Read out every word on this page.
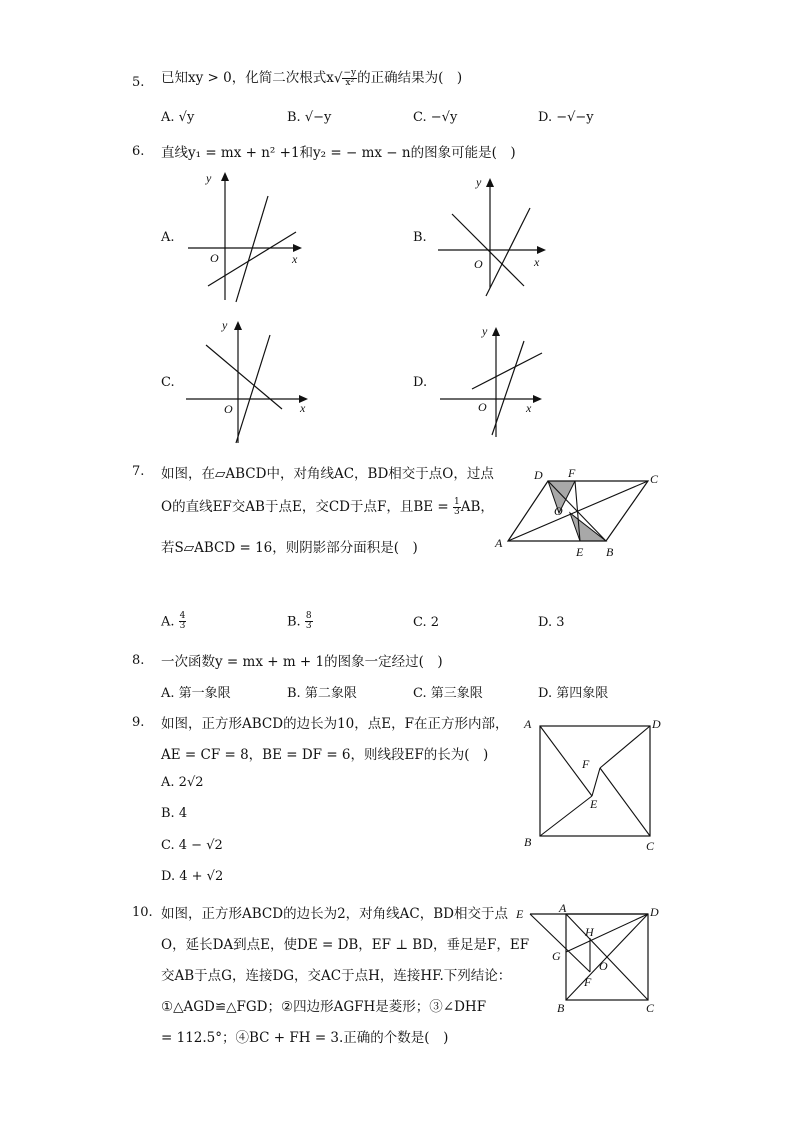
5. 已知xy > 0，化简二次根式$x√ \frac{-y}{\text{x²}}$ 的正确结果为(　)
A. √y	B. √−y	C. −√y	D. −√−y
6. 直线y₁ = mx + n² +1和y₂ = − mx − n的图象可能是(　)
A.
y
x
O
B.
y
x
O
C.
y
x
O
D.
y
x
O
7. 如图，在▱ABCD中，对角线AC，BD相交于点O，过点
O的直线EF交AB于点E，交CD于点F，且BE = $\frac{1}{3}$ AB，
若S▱ABCD = 16，则阴影部分面积是(　)
D F	C
O
A
E B
A. $\frac{4}{3}$	B. $\frac{8}{3}$	C. 2	D. 3
8. 一次函数y = mx + m + 1的图象一定经过(　)
A. 第一象限	B. 第二象限	C. 第三象限	D. 第四象限
9. 如图，正方形ABCD的边长为10，点E，F在正方形内部，
AE = CF = 8，BE = DF = 6，则线段EF的长为(　)
A. 2√2
B. 4
C. 4 − √2
D. 4 + √2
A	D
B	C
F
E
10. 如图，正方形ABCD的边长为2，对角线AC，BD相交于点
O，延长DA到点E，使DE = DB，EF ⊥ BD，垂足是F，EF
交AB于点G，连接DG，交AC于点H，连接HF.下列结论：
①△AGD≌△FGD；②四边形AGFH是菱形；③∠DHF
= 112.5°；④BC + FH = 3.正确的个数是(　)
E	A	D
H
G
O
F
B	C
